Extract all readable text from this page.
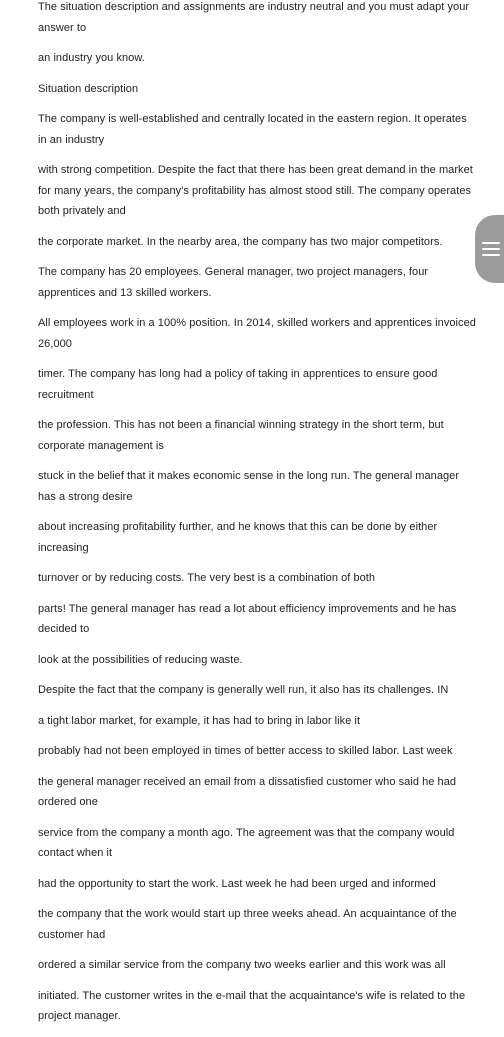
The situation description and assignments are industry neutral and you must adapt your answer to

an industry you know.

Situation description

The company is well-established and centrally located in the eastern region. It operates in an industry

with strong competition. Despite the fact that there has been great demand in the market for many years, the company's profitability has almost stood still. The company operates both privately and

the corporate market. In the nearby area, the company has two major competitors.

The company has 20 employees. General manager, two project managers, four apprentices and 13 skilled workers.

All employees work in a 100% position. In 2014, skilled workers and apprentices invoiced 26,000

timer. The company has long had a policy of taking in apprentices to ensure good recruitment

the profession. This has not been a financial winning strategy in the short term, but corporate management is

stuck in the belief that it makes economic sense in the long run. The general manager has a strong desire

about increasing profitability further, and he knows that this can be done by either increasing

turnover or by reducing costs. The very best is a combination of both

parts! The general manager has read a lot about efficiency improvements and he has decided to

look at the possibilities of reducing waste.

Despite the fact that the company is generally well run, it also has its challenges. IN

a tight labor market, for example, it has had to bring in labor like it

probably had not been employed in times of better access to skilled labor. Last week

the general manager received an email from a dissatisfied customer who said he had ordered one

service from the company a month ago. The agreement was that the company would contact when it

had the opportunity to start the work. Last week he had been urged and informed

the company that the work would start up three weeks ahead. An acquaintance of the customer had

ordered a similar service from the company two weeks earlier and this work was all

initiated. The customer writes in the e-mail that the acquaintance's wife is related to the project manager.
